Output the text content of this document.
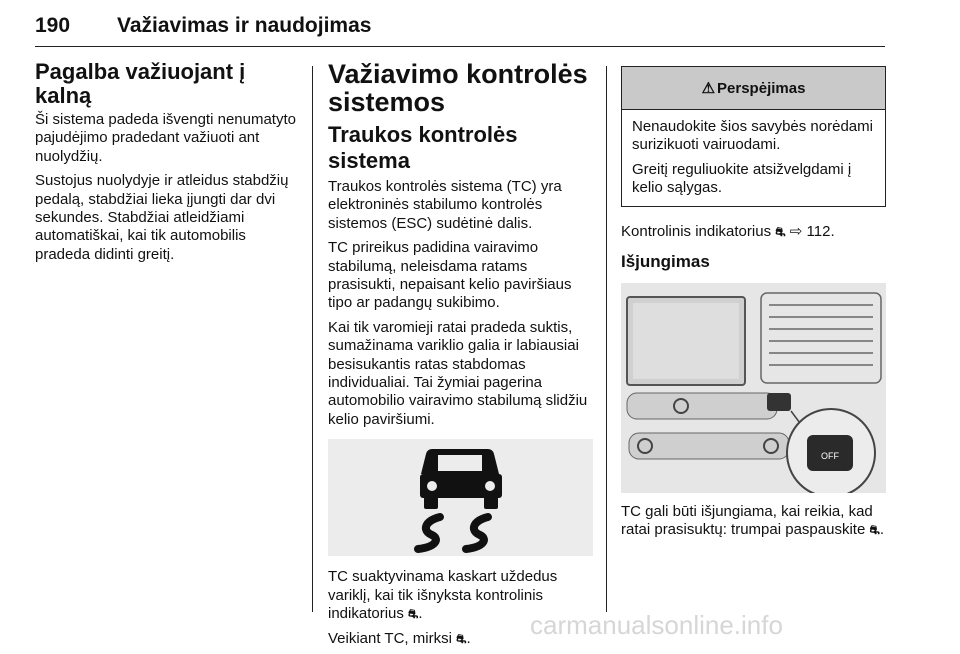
190 Važiavimas ir naudojimas
Pagalba važiuojant į kalną

Ši sistema padeda išvengti nenumatyto pajudėjimo pradedant važiuoti ant nuolydžių.

Sustojus nuolydyje ir atleidus stabdžių pedalą, stabdžiai lieka įjungti dar dvi sekundes. Stabdžiai atleidžiami automatiškai, kai tik automobilis pradeda didinti greitį.

Važiavimo kontrolės sistemos
Traukos kontrolės sistema

Traukos kontrolės sistema (TC) yra elektroninės stabilumo kontrolės sistemos (ESC) sudėtinė dalis.

TC prireikus padidina vairavimo stabilumą, neleisdama ratams prasisukti, nepaisant kelio paviršiaus tipo ar padangų sukibimo.

Kai tik varomieji ratai pradeda suktis, sumažinama variklio galia ir labiausiai besisukantis ratas stabdomas individualiai. Tai žymiai pagerina automobilio vairavimo stabilumą slidžiu kelio paviršiumi.

TC suaktyvinama kaskart uždedus variklį, kai tik išnyksta kontrolinis indikatorius ⛐.

Veikiant TC, mirksi ⛐.

⚠ Perspėjimas

Nenaudokite šios savybės norėdami surizikuoti vairuodami.

Greitį reguliuokite atsižvelgdami į kelio sąlygas.

Kontrolinis indikatorius ⛐ ⇨ 112.

Išjungimas
OFF

TC gali būti išjungiama, kai reikia, kad ratai prasisuktų: trumpai paspauskite ⛐.

carmanualsonline.info
